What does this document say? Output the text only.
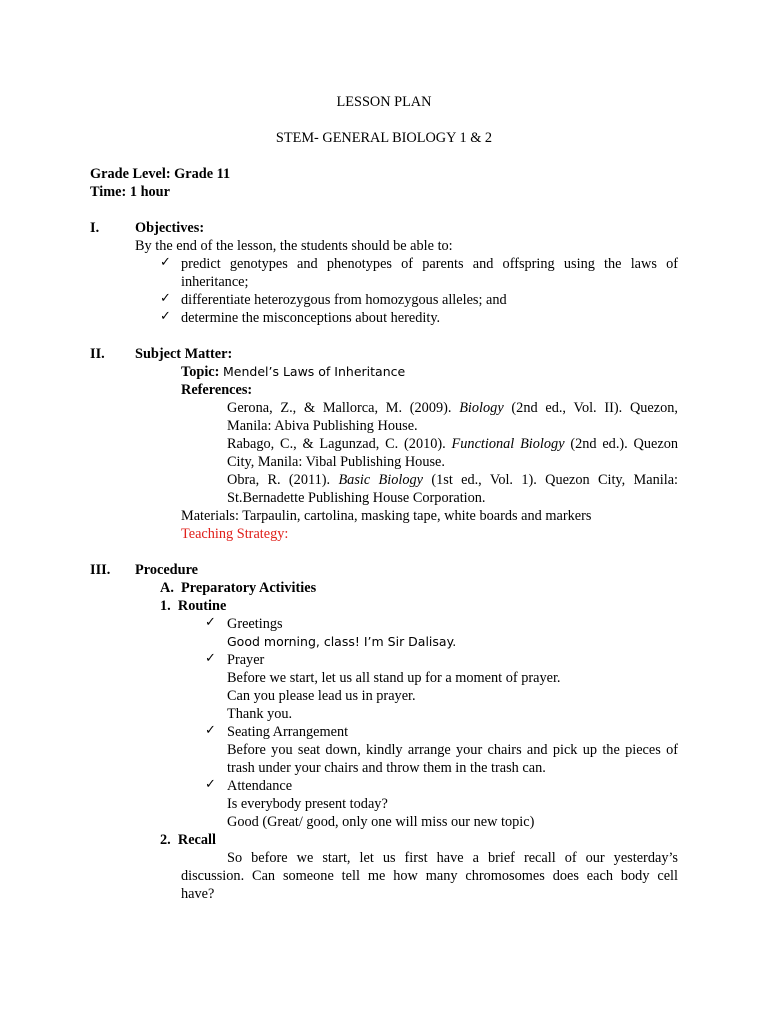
LESSON PLAN
STEM- GENERAL BIOLOGY 1 & 2
Grade Level: Grade 11
Time: 1 hour
I.	Objectives:
By the end of the lesson, the students should be able to:
✓ predict genotypes and phenotypes of parents and offspring using the laws of
inheritance;
✓ differentiate heterozygous from homozygous alleles; and
✓ determine the misconceptions about heredity.
II. Subject Matter:
Topic: Mendel’s Laws of Inheritance
References:
Gerona, Z., & Mallorca, M. (2009). Biology (2nd ed., Vol. II). Quezon,
Manila: Abiva Publishing House.
Rabago, C., & Lagunzad, C. (2010). Functional Biology (2nd ed.). Quezon
City, Manila: Vibal Publishing House.
Obra, R. (2011). Basic Biology (1st ed., Vol. 1). Quezon City, Manila:
St.Bernadette Publishing House Corporation.
Materials: Tarpaulin, cartolina, masking tape, white boards and markers
Teaching Strategy:
III. Procedure
A.  Preparatory Activities
1.  Routine
✓ Greetings
Good morning, class! I’m Sir Dalisay.
✓ Prayer
Before we start, let us all stand up for a moment of prayer.
Can you please lead us in prayer.
Thank you.
✓ Seating Arrangement
Before you seat down, kindly arrange your chairs and pick up the pieces of
trash under your chairs and throw them in the trash can.
✓ Attendance
Is everybody present today?
Good (Great/ good, only one will miss our new topic)
2.  Recall
So before we start, let us first have a brief recall of our yesterday’s
discussion. Can someone tell me how many chromosomes does each body cell
have?
